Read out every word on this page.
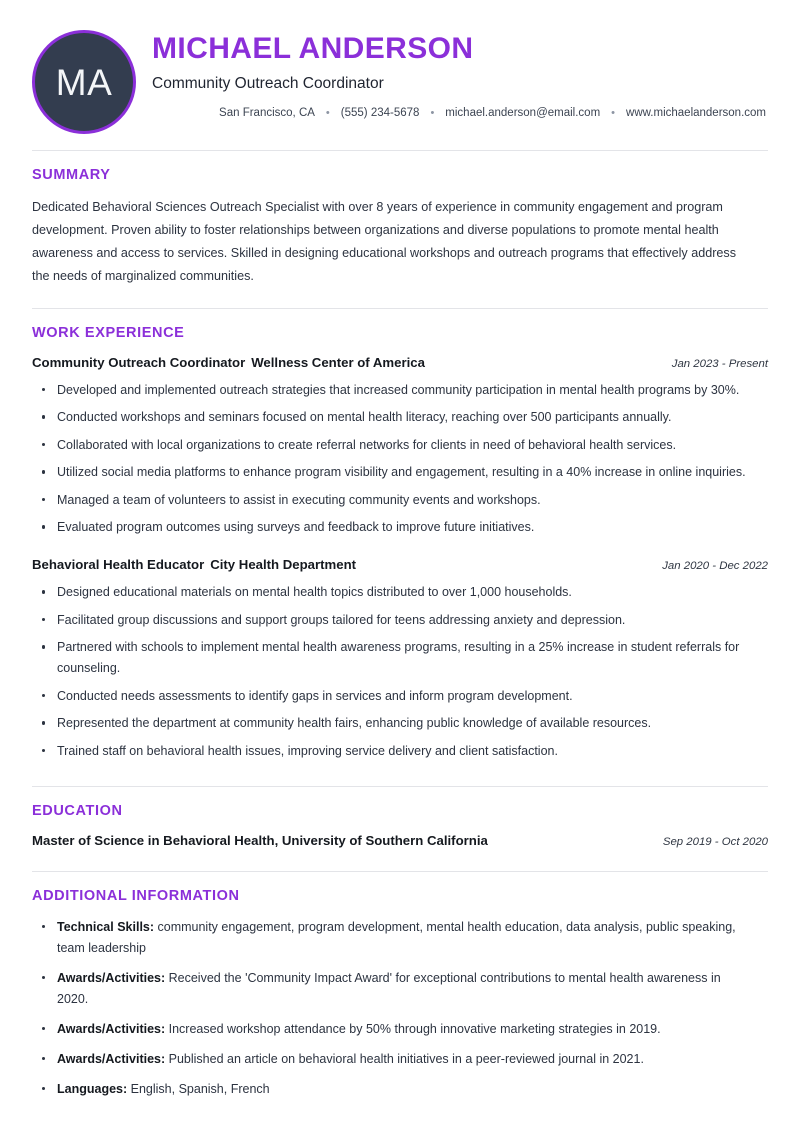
MA
MICHAEL ANDERSON
Community Outreach Coordinator
San Francisco, CA	• (555) 234-5678	• michael.anderson@email.com	• www.michaelanderson.com
SUMMARY
Dedicated Behavioral Sciences Outreach Specialist with over 8 years of experience in community engagement and program development. Proven ability to foster relationships between organizations and diverse populations to promote mental health awareness and access to services. Skilled in designing educational workshops and outreach programs that effectively address the needs of marginalized communities.
WORK EXPERIENCE
Community Outreach Coordinator Wellness Center of America	Jan 2023 - Present
Developed and implemented outreach strategies that increased community participation in mental health programs by 30%.
Conducted workshops and seminars focused on mental health literacy, reaching over 500 participants annually.
Collaborated with local organizations to create referral networks for clients in need of behavioral health services.
Utilized social media platforms to enhance program visibility and engagement, resulting in a 40% increase in online inquiries.
Managed a team of volunteers to assist in executing community events and workshops.
Evaluated program outcomes using surveys and feedback to improve future initiatives.
Behavioral Health Educator City Health Department	Jan 2020 - Dec 2022
Designed educational materials on mental health topics distributed to over 1,000 households.
Facilitated group discussions and support groups tailored for teens addressing anxiety and depression.
Partnered with schools to implement mental health awareness programs, resulting in a 25% increase in student referrals for counseling.
Conducted needs assessments to identify gaps in services and inform program development.
Represented the department at community health fairs, enhancing public knowledge of available resources.
Trained staff on behavioral health issues, improving service delivery and client satisfaction.
EDUCATION
Master of Science in Behavioral Health, University of Southern California	Sep 2019 - Oct 2020
ADDITIONAL INFORMATION
Technical Skills: community engagement, program development, mental health education, data analysis, public speaking, team leadership
Awards/Activities: Received the 'Community Impact Award' for exceptional contributions to mental health awareness in 2020.
Awards/Activities: Increased workshop attendance by 50% through innovative marketing strategies in 2019.
Awards/Activities: Published an article on behavioral health initiatives in a peer-reviewed journal in 2021.
Languages: English, Spanish, French
